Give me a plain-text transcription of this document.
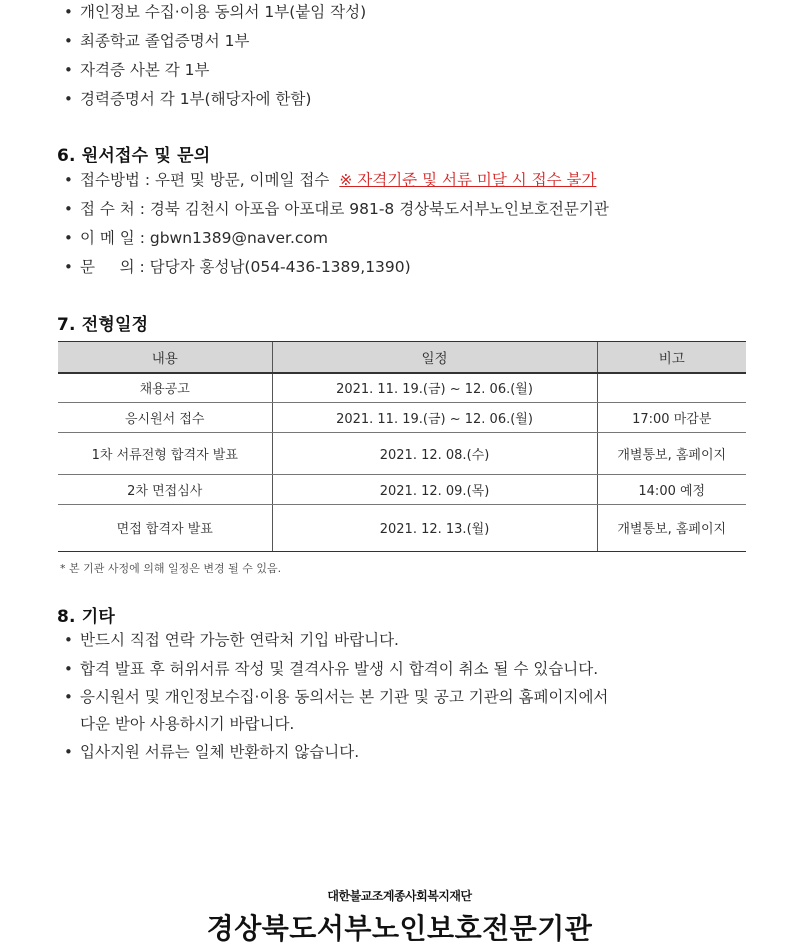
• 개인정보 수집·이용 동의서 1부(붙임 작성)
• 최종학교 졸업증명서 1부
• 자격증 사본 각 1부
• 경력증명서 각 1부(해당자에 한함)
6. 원서접수 및 문의
• 접수방법 : 우편 및 방문, 이메일 접수 ※ 자격기준 및 서류 미달 시 접수 불가
• 접 수 처 : 경북 김천시 아포읍 아포대로 981-8 경상북도서부노인보호전문기관
• 이 메 일 : gbwn1389@naver.com
• 문     의 : 담당자 홍성남(054-436-1389,1390)
7. 전형일정
내용	일정	비고
채용공고	2021. 11. 19.(금) ~ 12. 06.(월)	
응시원서 접수	2021. 11. 19.(금) ~ 12. 06.(월)	17:00 마감분
1차 서류전형 합격자 발표	2021. 12. 08.(수)	개별통보, 홈페이지
2차 면접심사	2021. 12. 09.(목)	14:00 예정
면접 합격자 발표	2021. 12. 13.(월)	개별통보, 홈페이지
* 본 기관 사정에 의해 일정은 변경 될 수 있음.
8. 기타
• 반드시 직접 연락 가능한 연락처 기입 바랍니다.
• 합격 발표 후 허위서류 작성 및 결격사유 발생 시 합격이 취소 될 수 있습니다.
• 응시원서 및 개인정보수집·이용 동의서는 본 기관 및 공고 기관의 홈페이지에서
다운 받아 사용하시기 바랍니다.
• 입사지원 서류는 일체 반환하지 않습니다.
대한불교조계종사회복지재단
경상북도서부노인보호전문기관
